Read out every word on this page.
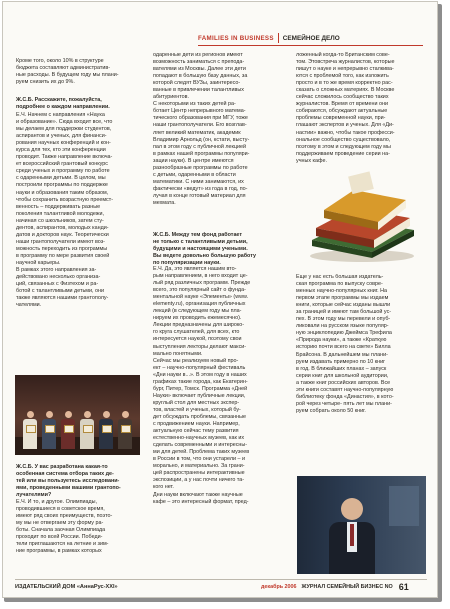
FAMILIES IN BUSINESS СЕМЕЙНОЕ ДЕЛО
Кроме того, около 10% в структуре
бюджета составляют административ-
ные расходы. В будущем году мы плани-
руем снизить их до 9%.
Ж.С.Б. Расскажите, пожалуйста,
подробнее о каждом направлении.
Е.Ч. Начнем с направления «Наука
и образование». Сюда входит все, что
мы делаем для поддержки студентов,
аспирантов и ученых, для финанси-
рования научных конференций и кон-
курса для тех, кто эти конференции
проводит. Также направление включа-
ет всероссийский грантовый конкурс
среди ученых и программу по работе
с одаренными детьми. В целом, мы
построили программы по поддержке
науки и образования таким образом,
чтобы сохранить возрастную преемст-
венность – поддерживать разные
поколения талантливой молодежи,
начиная со школьников, затем сту-
дентов, аспирантов, молодых канди-
датов и докторов наук. Теоретически
наши грантополучатели имеют воз-
можность переходить из программы
в программу по мере развития своей
научной карьеры.
В рамках этого направления за-
действовано несколько организа-
ций, связанных с Физтехом и ра-
ботой с талантливыми детьми, они
также являются нашими грантополу-
чателями.
Ж.С.Б. У вас разработана какая-то
особенная система отбора таких де-
тей или вы пользуетесь исследовани-
ями, проведенными вашими грантопо-
лучателями?
Е.Ч. И то, и другое. Олимпиады,
проводившиеся в советское время,
имеют ряд своих преимуществ, поэто-
му мы не отвергаем эту форму ра-
боты. Сначала заочная Олимпиада
проходит по всей России. Победи-
тели приглашаются на летние и зим-
ние программы, в рамках которых
одаренные дети из регионов имеют
возможность заниматься с препода-
вателями из Москвы. Далее эти дети
попадают в большую базу данных, за
которой следят ВУЗы, заинтересо-
ванные в привлечении талантливых
абитуриентов.
С некоторыми из таких детей ра-
ботает Центр непрерывного матема-
тического образования при МГУ, тоже
наши грантополучатели. Его возглав-
ляет великий математик, академик
Владимир Арнольд (он, кстати, высту-
пал в этом году с публичной лекцией
в рамках нашей программы популяри-
зации науки). В центре имеются
разнообразные программы по работе
с детьми, одаренными в области
математики. С ними занимаются, их
фактически «ведут» из года в год, по-
лучая в конце готовый материал для
мехмата.
Ж.С.Б. Между тем фонд работает
не только с талантливыми детьми,
будущими и настоящими учеными.
Вы ведете довольно большую работу
по популяризации науки.
Е.Ч. Да, это является нашим вто-
рым направлением, в него входит це-
лый ряд различных программ. Прежде
всего, это популярный сайт о фунда-
ментальной науке «Элементы» (www.
elementy.ru), организация публичных
лекций (в следующем году мы пла-
нируем их проводить ежемесячно).
Лекции предназначены для широко-
го круга слушателей, для всех, кто
интересуется наукой, поэтому свои
выступления лекторы делают макси-
мально понятными.
Сейчас мы реализуем новый про-
ект – научно-популярный фестиваль
«Дни науки в...». В этом году в наших
графиках такие города, как Екатерин-
бург, Питер, Томск. Программа «Дней
Науки» включает публичные лекции,
круглый стол для местных экспер-
тов, властей и ученых, который бу-
дет обсуждать проблемы, связанные
с продвижением науки. Например,
актуальную сейчас тему развития
естественно-научных музеев, как их
сделать современными и интересны-
ми для детей. Проблема таких музеев
в России в том, что они устарели – и
морально, и материально. За грани-
цей распространены интерактивные
экспозиции, а у нас почти ничего та-
кого нет.
Дни науки включают также научные
кафе – это интересный формат, пред-
ложенный когда-то Британским сове-
том. Этовстреча журналистов, которые
пишут о науке и непрерывно сталкива-
ются с проблемой того, как изложить
просто и в то же время корректно рас-
сказать о сложных материях. В Москве
сейчас сложилось сообщество таких
журналистов. Время от времени они
собираются, обсуждают актуальные
проблемы современной науки, при-
глашают экспертов и ученых. Для «Ди-
настии» важно, чтобы такое професси-
ональное сообщество существовало,
поэтому в этом и следующем году мы
поддерживаем проведение серии на-
учных кафе.
Еще у нас есть большая издатель-
ская программа по выпуску совре-
менных научно-популярных книг. На
первом этапе программы мы издаем
книги, которые сейчас изданы вышли
за границей и имеют там большой ус-
пех. В этом году мы перевели и опуб-
ликовали на русском языке популяр-
ную энциклопедию Джеймса Трефила
«Природа науки», а также «Краткую
историю почти всего на свете» Билла
Брайсона. В дальнейшем мы плани-
руем издавать примерно по 10 книг
в год. В ближайших планах – запуск
серии книг для школьной аудитории,
а также книг российских авторов. Все
эти книги составят научно-популярную
библиотеку фонда «Династия», в кото-
рой через четыре- пять лет мы плани-
руем собрать около 50 книг.
ИЗДАТЕЛЬСКИЙ ДОМ «АннаРус-XXI»	декабрь 2006 ЖУРНАЛ СЕМЕЙНЫЙ БИЗНЕС NO 61
